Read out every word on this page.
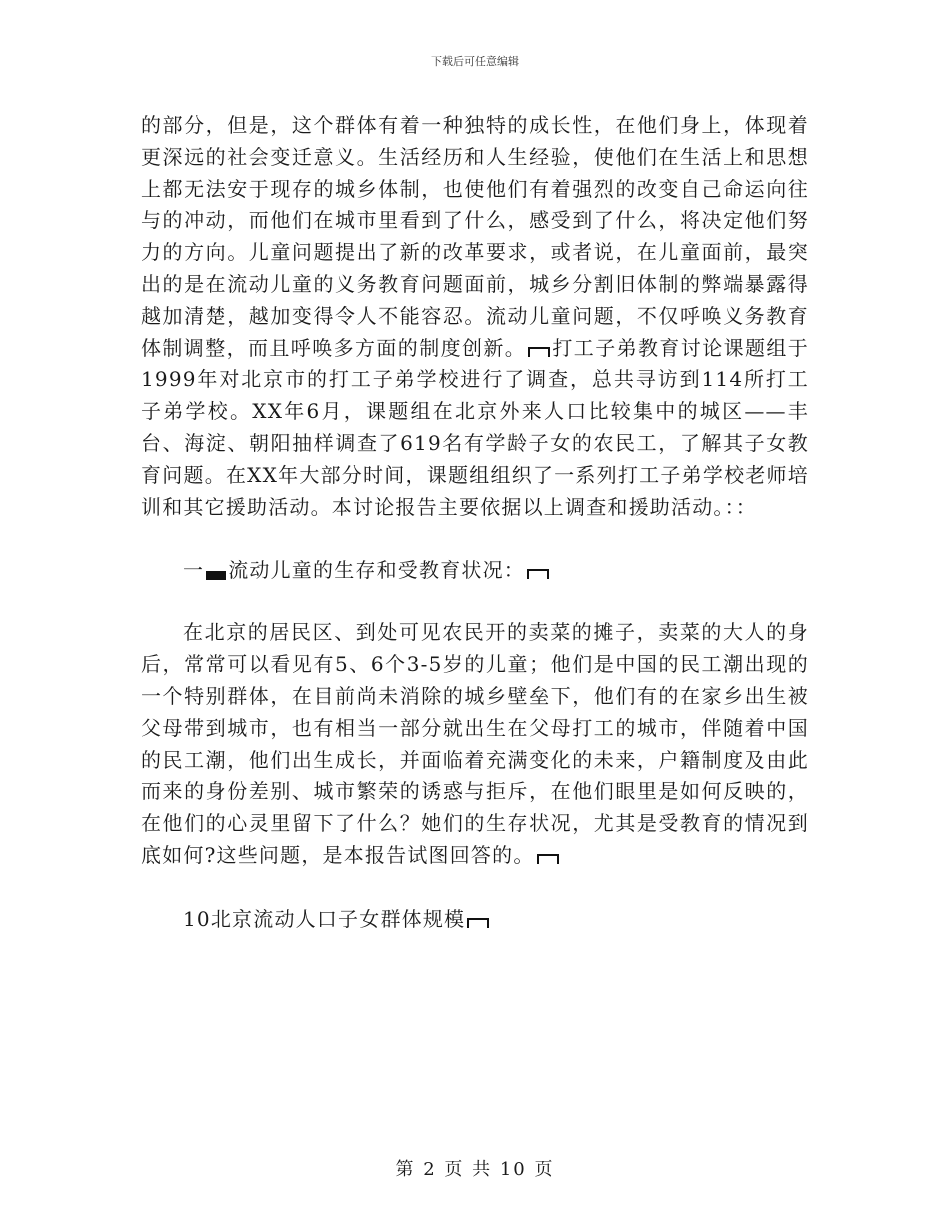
下载后可任意编辑

的部分，但是，这个群体有着一种独特的成长性，在他们身上，体现着更深远的社会变迁意义。生活经历和人生经验，使他们在生活上和思想上都无法安于现存的城乡体制，也使他们有着强烈的改变自己命运向往与的冲动，而他们在城市里看到了什么，感受到了什么，将决定他们努力的方向。儿童问题提出了新的改革要求，或者说，在儿童面前，最突出的是在流动儿童的义务教育问题面前，城乡分割旧体制的弊端暴露得越加清楚，越加变得令人不能容忍。流动儿童问题，不仅呼唤义务教育体制调整，而且呼唤多方面的制度创新。 打工子弟教育讨论课题组于1999年对北京市的打工子弟学校进行了调查，总共寻访到114所打工子弟学校。XX年6月，课题组在北京外来人口比较集中的城区——丰台、海淀、朝阳抽样调查了619名有学龄子女的农民工，了解其子女教育问题。在XX年大部分时间，课题组组织了一系列打工子弟学校老师培训和其它援助活动。本讨论报告主要依据以上调查和援助活动。：：

一 流动儿童的生存和受教育状况：

在北京的居民区、到处可见农民开的卖菜的摊子，卖菜的大人的身后，常常可以看见有5、6个3-5岁的儿童；他们是中国的民工潮出现的一个特别群体，在目前尚未消除的城乡壁垒下，他们有的在家乡出生被父母带到城市，也有相当一部分就出生在父母打工的城市，伴随着中国的民工潮，他们出生成长，并面临着充满变化的未来，户籍制度及由此而来的身份差别、城市繁荣的诱惑与拒斥，在他们眼里是如何反映的，在他们的心灵里留下了什么？她们的生存状况，尤其是受教育的情况到底如何?这些问题，是本报告试图回答的。

10北京流动人口子女群体规模

第 2 页 共 10 页
